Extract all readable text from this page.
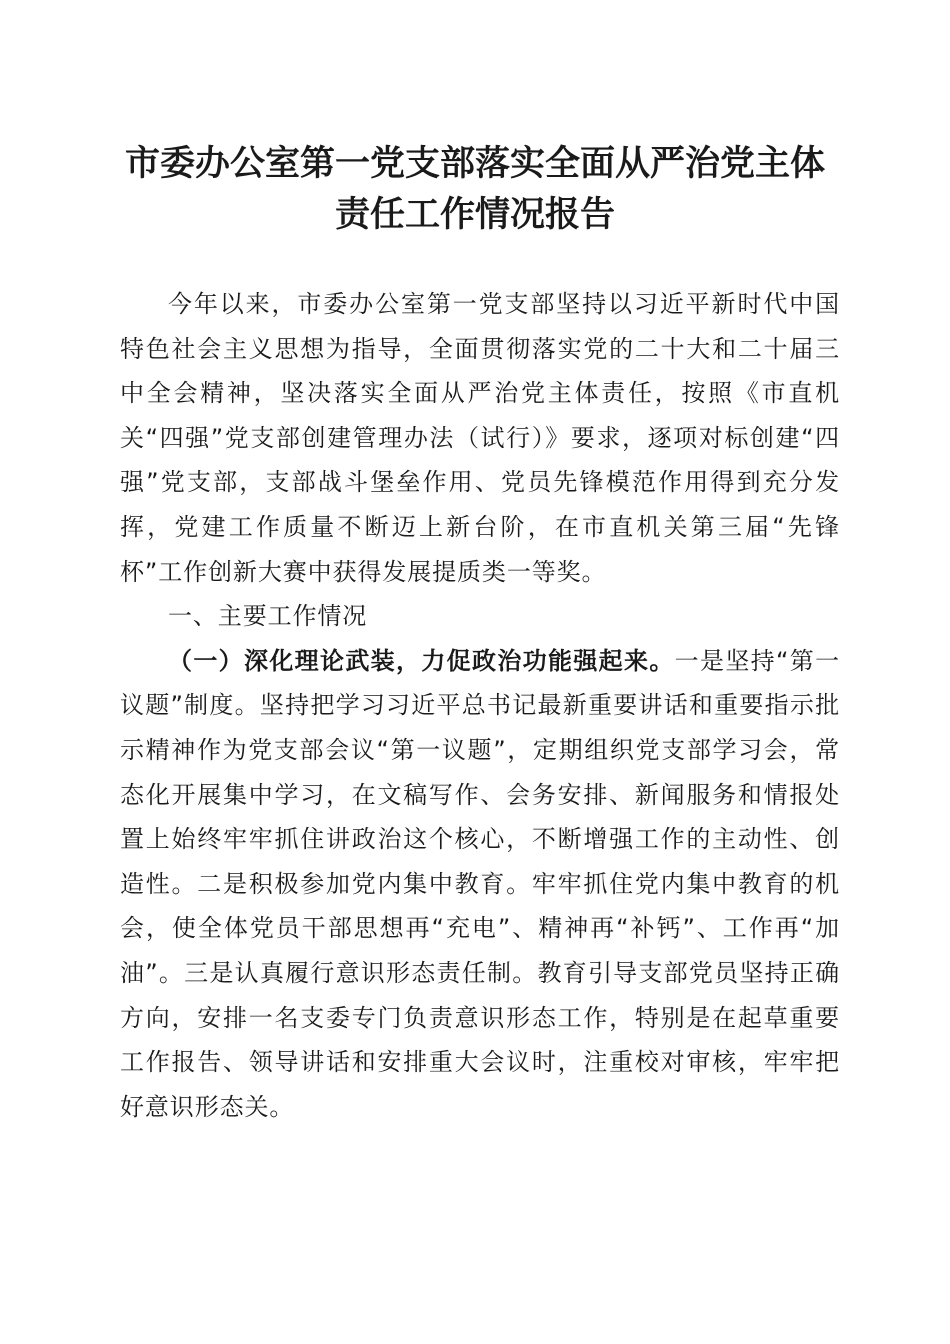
市委办公室第一党支部落实全面从严治党主体
责任工作情况报告

今年以来，市委办公室第一党支部坚持以习近平新时代中国特色社会主义思想为指导，全面贯彻落实党的二十大和二十届三中全会精神，坚决落实全面从严治党主体责任，按照《市直机关“四强”党支部创建管理办法（试行）》要求，逐项对标创建“四强”党支部，支部战斗堡垒作用、党员先锋模范作用得到充分发挥，党建工作质量不断迈上新台阶，在市直机关第三届“先锋杯”工作创新大赛中获得发展提质类一等奖。

一、主要工作情况

（一）深化理论武装，力促政治功能强起来。一是坚持“第一议题”制度。坚持把学习习近平总书记最新重要讲话和重要指示批示精神作为党支部会议“第一议题”，定期组织党支部学习会，常态化开展集中学习，在文稿写作、会务安排、新闻服务和情报处置上始终牢牢抓住讲政治这个核心，不断增强工作的主动性、创造性。二是积极参加党内集中教育。牢牢抓住党内集中教育的机会，使全体党员干部思想再“充电”、精神再“补钙”、工作再“加油”。三是认真履行意识形态责任制。教育引导支部党员坚持正确方向，安排一名支委专门负责意识形态工作，特别是在起草重要工作报告、领导讲话和安排重大会议时，注重校对审核，牢牢把好意识形态关。
